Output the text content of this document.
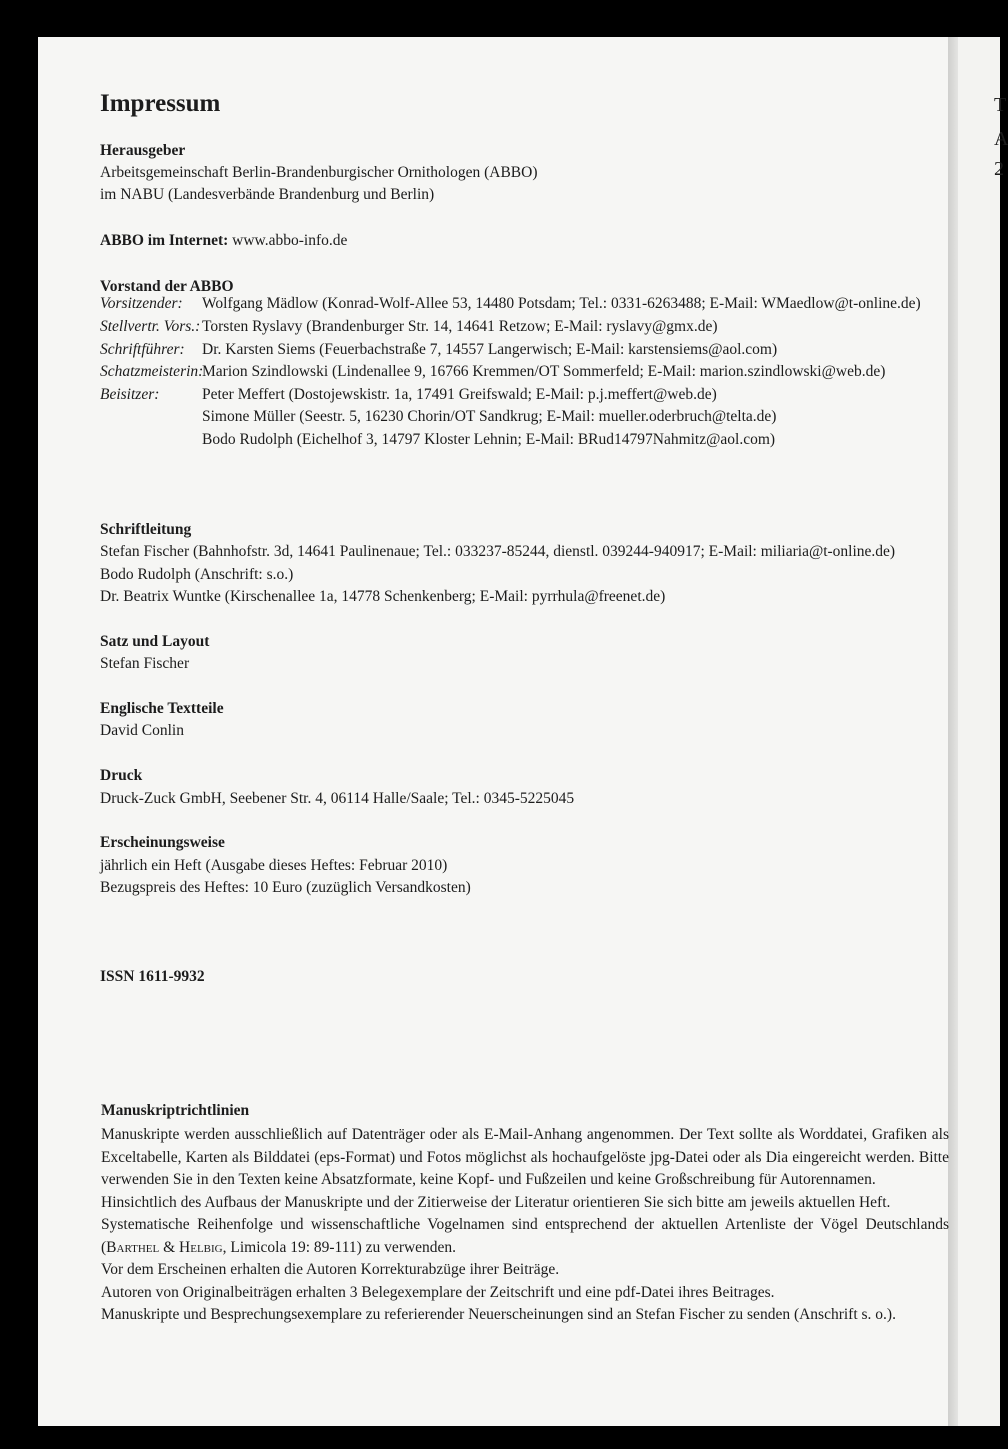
T
A
2
Impressum
Herausgeber
Arbeitsgemeinschaft Berlin-Brandenburgischer Ornithologen (ABBO)
im NABU (Landesverbände Brandenburg und Berlin)
ABBO im Internet: www.abbo-info.de
Vorstand der ABBO
Vorsitzender: Wolfgang Mädlow (Konrad-Wolf-Allee 53, 14480 Potsdam; Tel.: 0331-6263488; E-Mail: WMaedlow@t-online.de)
Stellvertr. Vors.: Torsten Ryslavy (Brandenburger Str. 14, 14641 Retzow; E-Mail: ryslavy@gmx.de)
Schriftführer: Dr. Karsten Siems (Feuerbachstraße 7, 14557 Langerwisch; E-Mail: karstensiems@aol.com)
Schatzmeisterin:
Marion Szindlowski (Lindenallee 9, 16766 Kremmen/OT Sommerfeld; E-Mail: marion.szindlowski@web.de)
Beisitzer:	Peter Meffert (Dostojewskistr. 1a, 17491 Greifswald; E-Mail: p.j.meffert@web.de)
Simone Müller (Seestr. 5, 16230 Chorin/OT Sandkrug; E-Mail: mueller.oderbruch@telta.de)
Bodo Rudolph (Eichelhof 3, 14797 Kloster Lehnin; E-Mail: BRud14797Nahmitz@aol.com)
Schriftleitung
Stefan Fischer (Bahnhofstr. 3d, 14641 Paulinenaue; Tel.: 033237-85244, dienstl. 039244-940917; E-Mail: miliaria@t-online.de)
Bodo Rudolph (Anschrift: s.o.)
Dr. Beatrix Wuntke (Kirschenallee 1a, 14778 Schenkenberg; E-Mail: pyrrhula@freenet.de)
Satz und Layout
Stefan Fischer
Englische Textteile
David Conlin
Druck
Druck-Zuck GmbH, Seebener Str. 4, 06114 Halle/Saale; Tel.: 0345-5225045
Erscheinungsweise
jährlich ein Heft (Ausgabe dieses Heftes: Februar 2010)
Bezugspreis des Heftes: 10 Euro (zuzüglich Versandkosten)
ISSN 1611-9932
Manuskriptrichtlinien

Manuskripte werden ausschließlich auf Datenträger oder als E-Mail-Anhang angenommen. Der Text sollte als Worddatei, Grafiken als Exceltabelle, Karten als Bilddatei (eps-Format) und Fotos möglichst als hochaufgelöste jpg-Datei oder als Dia eingereicht werden. Bitte verwenden Sie in den Texten keine Absatzformate, keine Kopf- und Fußzeilen und keine Großschreibung für Autorennamen.

Hinsichtlich des Aufbaus der Manuskripte und der Zitierweise der Literatur orientieren Sie sich bitte am jeweils aktuellen Heft.

Systematische Reihenfolge und wissenschaftliche Vogelnamen sind entsprechend der aktuellen Artenliste der Vögel Deutschlands (Barthel & Helbig, Limicola 19: 89-111) zu verwenden.

Vor dem Erscheinen erhalten die Autoren Korrekturabzüge ihrer Beiträge.

Autoren von Originalbeiträgen erhalten 3 Belegexemplare der Zeitschrift und eine pdf-Datei ihres Beitrages.

Manuskripte und Besprechungsexemplare zu referierender Neuerscheinungen sind an Stefan Fischer zu senden (Anschrift s. o.).
